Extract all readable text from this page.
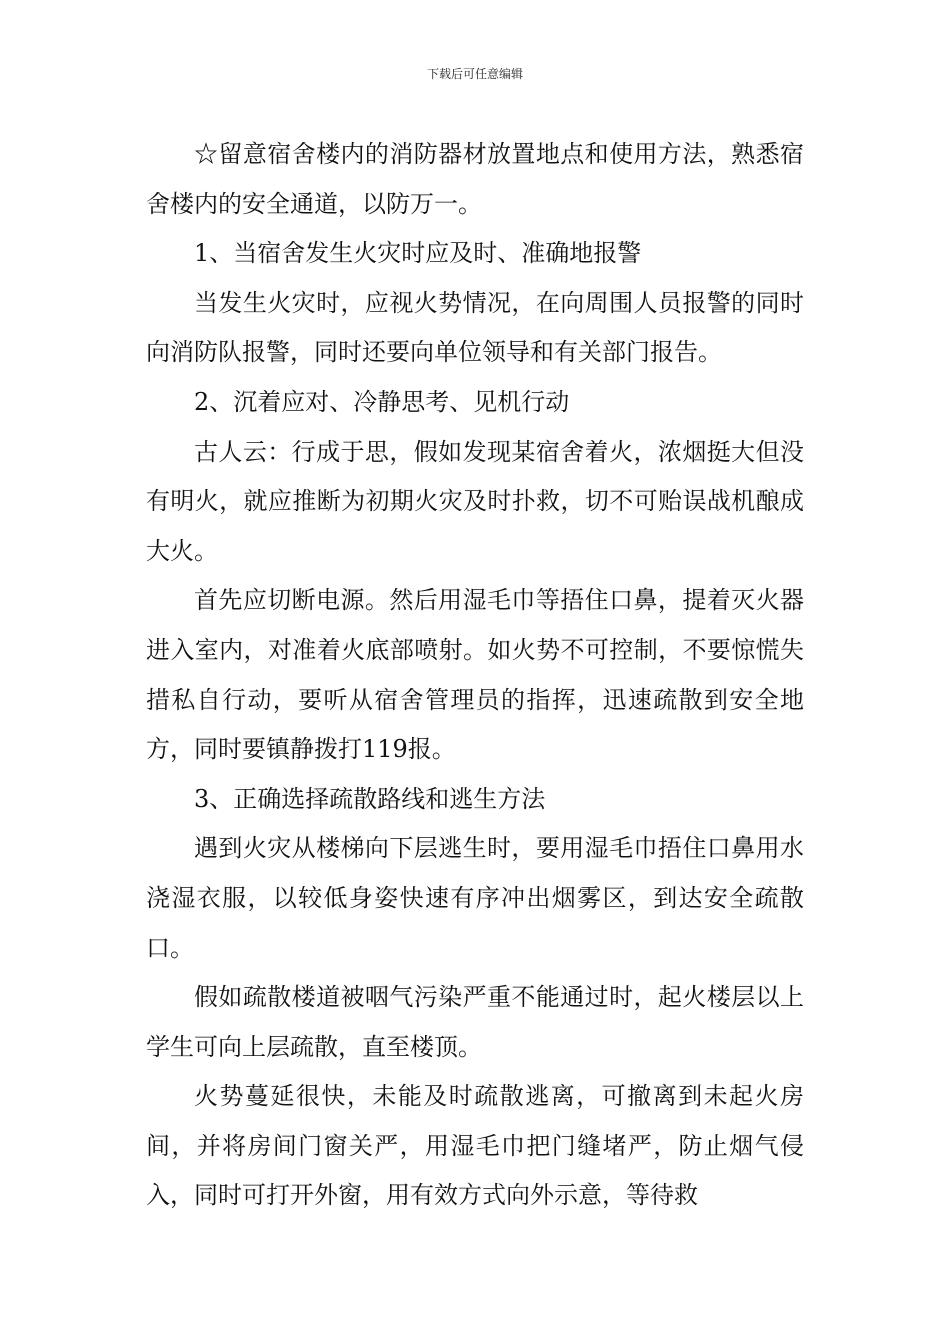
下载后可任意编辑

☆留意宿舍楼内的消防器材放置地点和使用方法，熟悉宿舍楼内的安全通道，以防万一。

1、当宿舍发生火灾时应及时、准确地报警

当发生火灾时，应视火势情况，在向周围人员报警的同时向消防队报警，同时还要向单位领导和有关部门报告。

2、沉着应对、冷静思考、见机行动

古人云：行成于思，假如发现某宿舍着火，浓烟挺大但没有明火，就应推断为初期火灾及时扑救，切不可贻误战机酿成大火。

首先应切断电源。然后用湿毛巾等捂住口鼻，提着灭火器进入室内，对准着火底部喷射。如火势不可控制，不要惊慌失措私自行动，要听从宿舍管理员的指挥，迅速疏散到安全地方，同时要镇静拨打119报。

3、正确选择疏散路线和逃生方法

遇到火灾从楼梯向下层逃生时，要用湿毛巾捂住口鼻用水浇湿衣服，以较低身姿快速有序冲出烟雾区，到达安全疏散口。

假如疏散楼道被咽气污染严重不能通过时，起火楼层以上学生可向上层疏散，直至楼顶。

火势蔓延很快，未能及时疏散逃离，可撤离到未起火房间，并将房间门窗关严，用湿毛巾把门缝堵严，防止烟气侵入，同时可打开外窗，用有效方式向外示意，等待救
